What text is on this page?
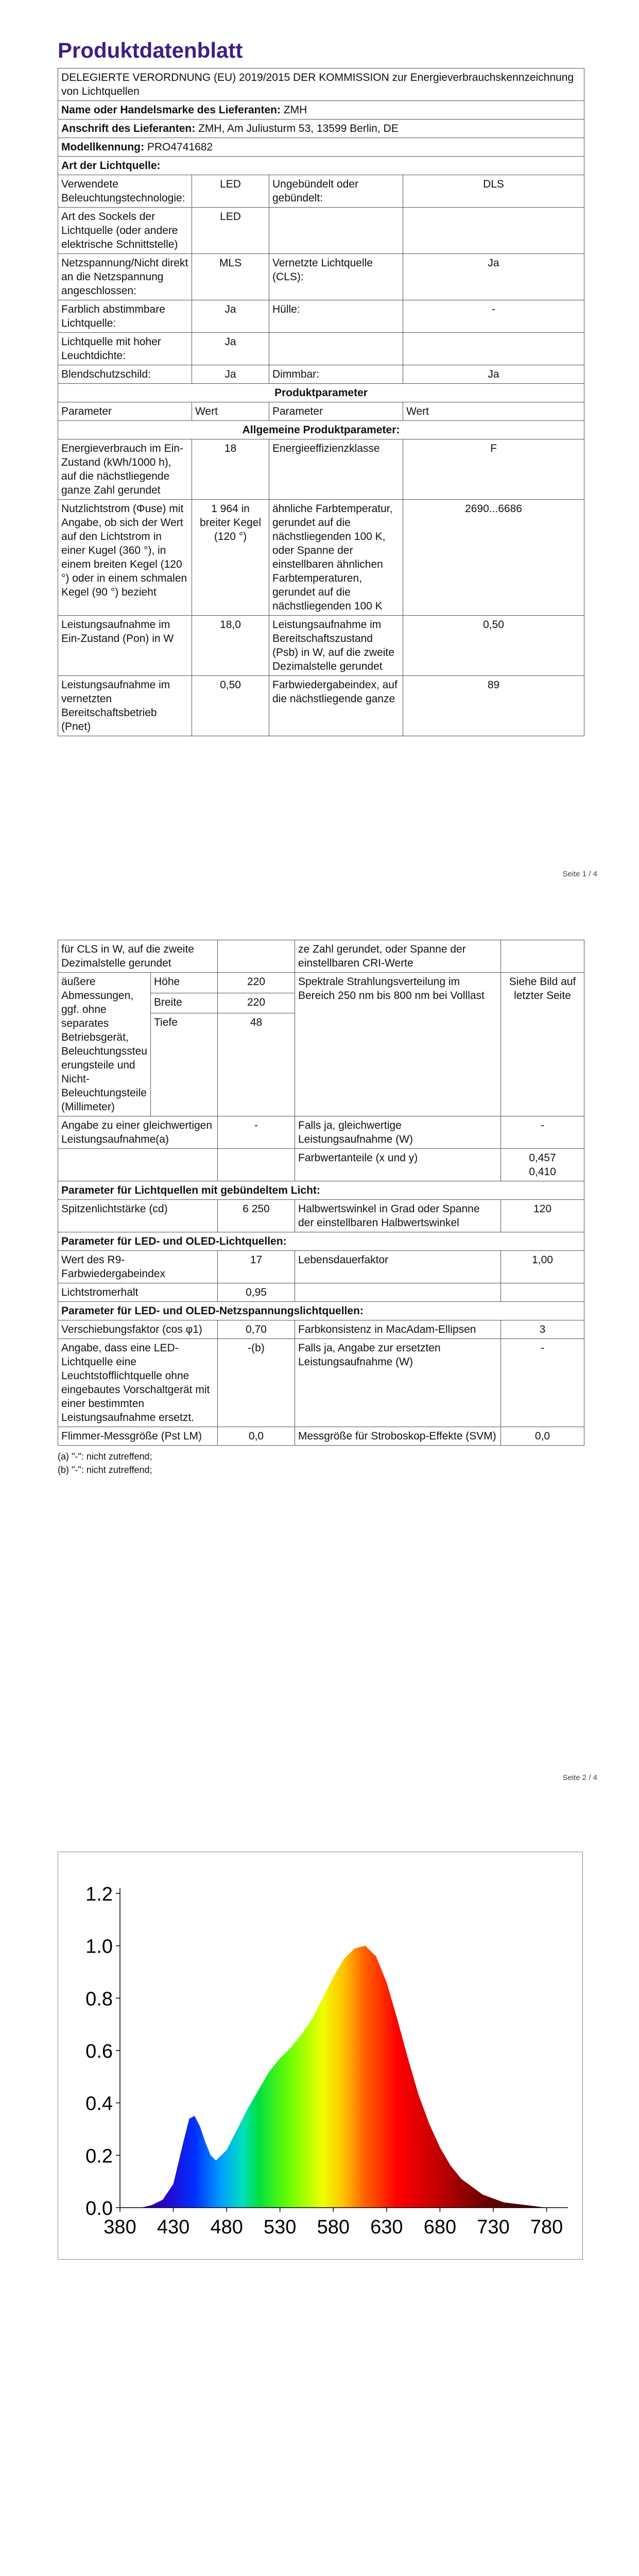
Produktdatenblatt
DELEGIERTE VERORDNUNG (EU) 2019/2015 DER KOMMISSION zur Energieverbrauchskennzeichnung von Lichtquellen			
Name oder Handelsmarke des Lieferanten: ZMH			
Anschrift des Lieferanten: ZMH, Am Juliusturm 53, 13599 Berlin, DE			
Modellkennung: PRO4741682			
Art der Lichtquelle:			
Verwendete Beleuchtungstechnologie:	LED	Ungebündelt oder gebündelt:	DLS
Art des Sockels der Lichtquelle (oder andere elektrische Schnittstelle)	LED		
Netzspannung/Nicht direkt an die Netzspannung angeschlossen:	MLS	Vernetzte Lichtquelle (CLS):	Ja
Farblich abstimmbare Lichtquelle:	Ja	Hülle:	-
Lichtquelle mit hoher Leuchtdichte:	Ja		
Blendschutzschild:	Ja	Dimmbar:	Ja
Produktparameter			
Parameter	Wert	Parameter	Wert
Allgemeine Produktparameter:			
Energieverbrauch im Ein-Zustand (kWh/1000 h), auf die nächstliegende ganze Zahl gerundet	18	Energieeffizienzklasse	F
Nutzlichtstrom (Φuse) mit Angabe, ob sich der Wert auf den Lichtstrom in einer Kugel (360 °), in einem breiten Kegel (120 °) oder in einem schmalen Kegel (90 °) bezieht	1 964 in breiter Kegel (120 °)	ähnliche Farbtemperatur, gerundet auf die nächstliegenden 100 K, oder Spanne der einstellbaren ähnlichen Farbtemperaturen, gerundet auf die nächstliegenden 100 K	2690...6686
Leistungsaufnahme im Ein-Zustand (Pon) in W	18,0	Leistungsaufnahme im Bereitschaftszustand (Psb) in W, auf die zweite Dezimalstelle gerundet	0,50
Leistungsaufnahme im vernetzten Bereitschaftsbetrieb (Pnet)	0,50	Farbwiedergabeindex, auf die nächstliegende ganze	89
Seite 1 / 4
für CLS in W, auf die zweite Dezimalstelle gerundet			ze Zahl gerundet, oder Spanne der einstellbaren CRI-Werte	
äußere Abmessungen, ggf. ohne separates Betriebsgerät, Beleuchtungssteuerungsteile und Nicht-Beleuchtungsteile (Millimeter)	Höhe	220	Spektrale Strahlungsverteilung im Bereich 250 nm bis 800 nm bei Volllast	Siehe Bild auf letzter Seite
	Breite	220		
	Tiefe	48		
Angabe zu einer gleichwertigen Leistungsaufnahme(a)		-	Falls ja, gleichwertige Leistungsaufnahme (W)	-
			Farbwertanteile (x und y)	0,457
0,410
Parameter für Lichtquellen mit gebündeltem Licht:				
Spitzenlichtstärke (cd)		6 250	Halbwertswinkel in Grad oder Spanne der einstellbaren Halbwertswinkel	120
Parameter für LED- und OLED-Lichtquellen:				
Wert des R9-Farbwiedergabeindex		17	Lebensdauerfaktor	1,00
Lichtstromerhalt		0,95		
Parameter für LED- und OLED-Netzspannungslichtquellen:				
Verschiebungsfaktor (cos φ1)		0,70	Farbkonsistenz in MacAdam-Ellipsen	3
Angabe, dass eine LED-Lichtquelle eine Leuchtstofflichtquelle ohne eingebautes Vorschaltgerät mit einer bestimmten Leistungsaufnahme ersetzt.		-(b)	Falls ja, Angabe zur ersetzten Leistungsaufnahme (W)	-
Flimmer-Messgröße (Pst LM)		0,0	Messgröße für Stroboskop-Effekte (SVM)	0,0
(a) "-": nicht zutreffend;
(b) "-": nicht zutreffend;
Seite 2 / 4
0.0
0.2
0.4
0.6
0.8
1.0
1.2
380 430 480 530 580 630 680 730 780
